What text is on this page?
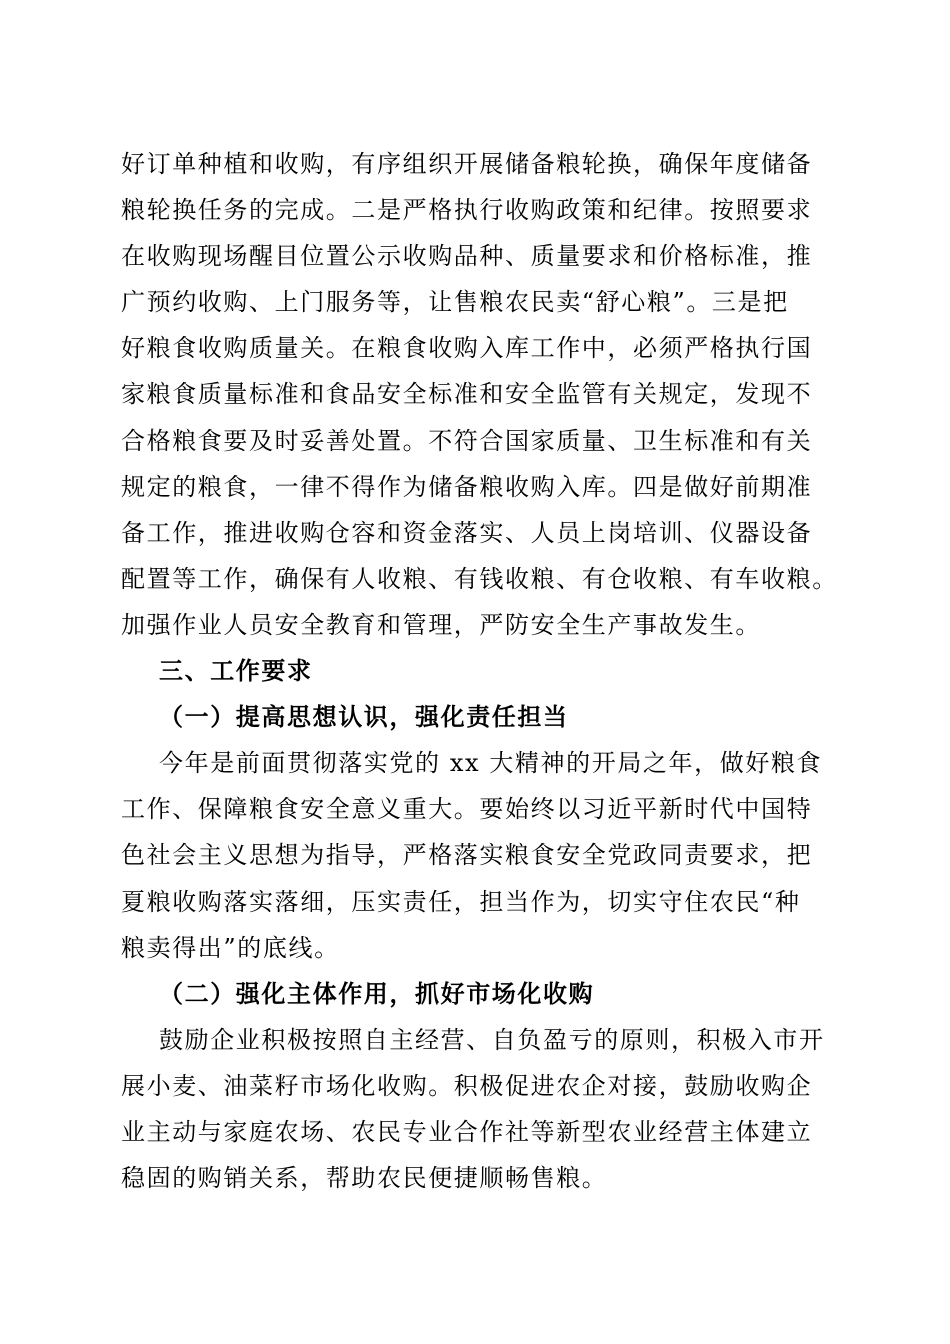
好订单种植和收购，有序组织开展储备粮轮换，确保年度储备
粮轮换任务的完成。二是严格执行收购政策和纪律。按照要求
在收购现场醒目位置公示收购品种、质量要求和价格标准，推
广预约收购、上门服务等，让售粮农民卖“舒心粮”。三是把
好粮食收购质量关。在粮食收购入库工作中，必须严格执行国
家粮食质量标准和食品安全标准和安全监管有关规定，发现不
合格粮食要及时妥善处置。不符合国家质量、卫生标准和有关
规定的粮食，一律不得作为储备粮收购入库。四是做好前期准
备工作，推进收购仓容和资金落实、人员上岗培训、仪器设备
配置等工作，确保有人收粮、有钱收粮、有仓收粮、有车收粮。
加强作业人员安全教育和管理，严防安全生产事故发生。
三、工作要求
（一）提高思想认识，强化责任担当
今年是前面贯彻落实党的 xx 大精神的开局之年，做好粮食
工作、保障粮食安全意义重大。要始终以习近平新时代中国特
色社会主义思想为指导，严格落实粮食安全党政同责要求，把
夏粮收购落实落细，压实责任，担当作为，切实守住农民“种
粮卖得出”的底线。
（二）强化主体作用，抓好市场化收购
鼓励企业积极按照自主经营、自负盈亏的原则，积极入市开
展小麦、油菜籽市场化收购。积极促进农企对接，鼓励收购企
业主动与家庭农场、农民专业合作社等新型农业经营主体建立
稳固的购销关系，帮助农民便捷顺畅售粮。
